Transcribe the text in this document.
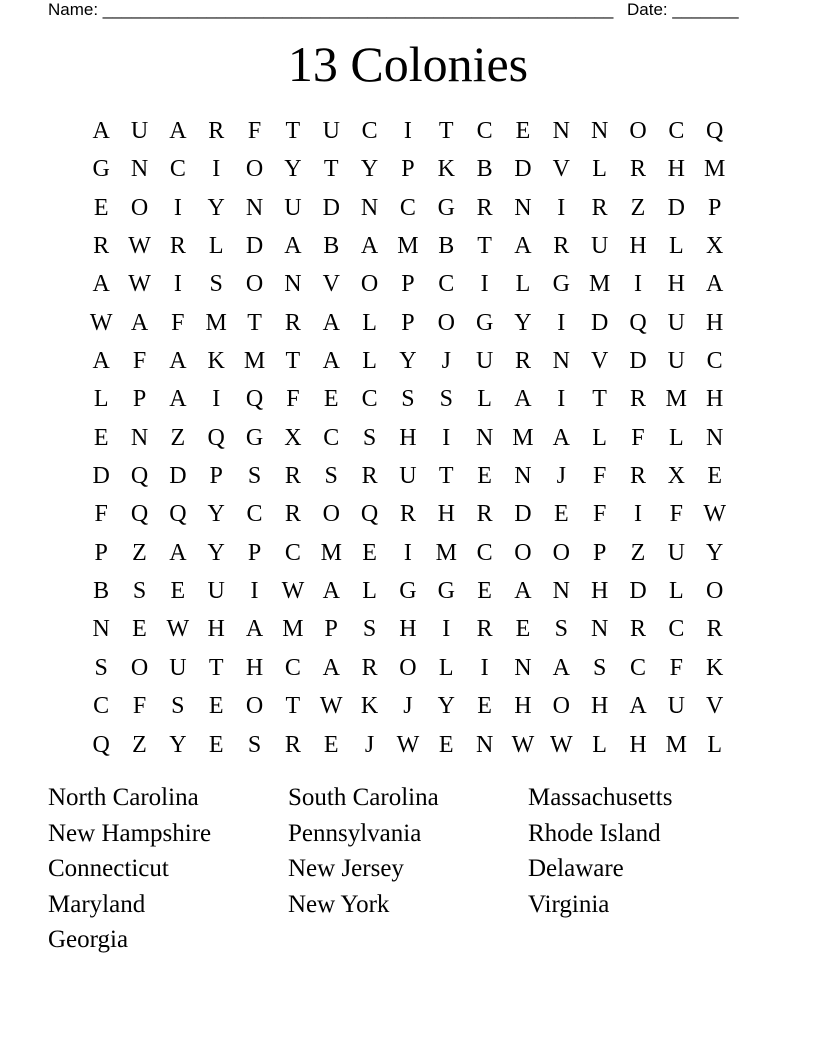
Name: ______________________________________________________ Date: _______
13 Colonies
A U A R F	T U C	I	T C E N N O C Q
G N C	I	O Y T Y P K B D V L R H M
E O	I	Y N U D N C G R N	I	R Z D P
R W R L D A B A M B T A R U H L X
A W I	S O N V O P C	I	L G M I	H A
W A F M T R A L	P O G Y	I	D Q U H
A F A K M T A L Y	J	U R N V D U C
L	P A	I	Q F	E C S	S	L A	I	T R M H
E N Z Q G X C S H	I	N M A L	F	L N
D Q D P	S R S R U T E N	J	F R X E
F Q Q Y C R O Q R H R D E	F	I	F W
P	Z A Y P C M E	I M C O O P	Z U Y
B S	E U	I W A L G G E A N H D L O
N E W H A M P	S H	I	R E	S N R C R
S O U T H C A R O L	I	N A S C F K
C F	S	E O T W K	J	Y E H O H A U V
Q Z Y E	S R E	J W E N W W L H M L
North Carolina	South Carolina	Massachusetts
New Hampshire	Pennsylvania	Rhode Island
Connecticut	New Jersey	Delaware
Maryland	New York	Virginia
Georgia
